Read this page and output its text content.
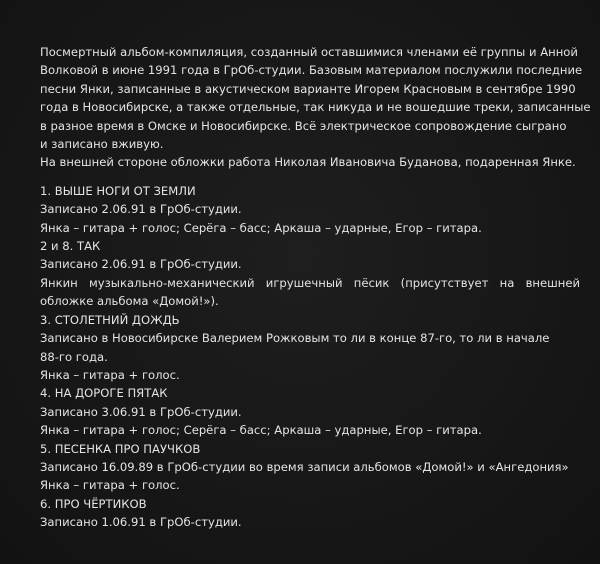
Посмертный альбом-компиляция, созданный оставшимися членами её группы и Анной
Волковой в июне 1991 года в ГрОб-студии. Базовым материалом послужили последние
песни Янки, записанные в акустическом варианте Игорем Красновым в сентябре 1990
года в Новосибирске, а также отдельные, так никуда и не вошедшие треки, записанные
в разное время в Омске и Новосибирске. Всё электрическое сопровождение сыграно
и записано вживую.
На внешней стороне обложки работа Николая Ивановича Буданова, подаренная Янке.
1. ВЫШЕ НОГИ ОТ ЗЕМЛИ
Записано 2.06.91 в ГрОб-студии.
Янка – гитара + голос; Серёга – басс; Аркаша – ударные, Егор – гитара.
2 и 8. ТАК
Записано 2.06.91 в ГрОб-студии.
Янкин музыкально-механический игрушечный пёсик (присутствует на внешней
обложке альбома «Домой!»).
3. СТОЛЕТНИЙ ДОЖДЬ
Записано в Новосибирске Валерием Рожковым то ли в конце 87-го, то ли в начале
88-го года.
Янка – гитара + голос.
4. НА ДОРОГЕ ПЯТАК
Записано 3.06.91 в ГрОб-студии.
Янка – гитара + голос; Серёга – басс; Аркаша – ударные, Егор – гитара.
5. ПЕСЕНКА ПРО ПАУЧКОВ
Записано 16.09.89 в ГрОб-студии во время записи альбомов «Домой!» и «Ангедония»
Янка – гитара + голос.
6. ПРО ЧЁРТИКОВ
Записано 1.06.91 в ГрОб-студии.
